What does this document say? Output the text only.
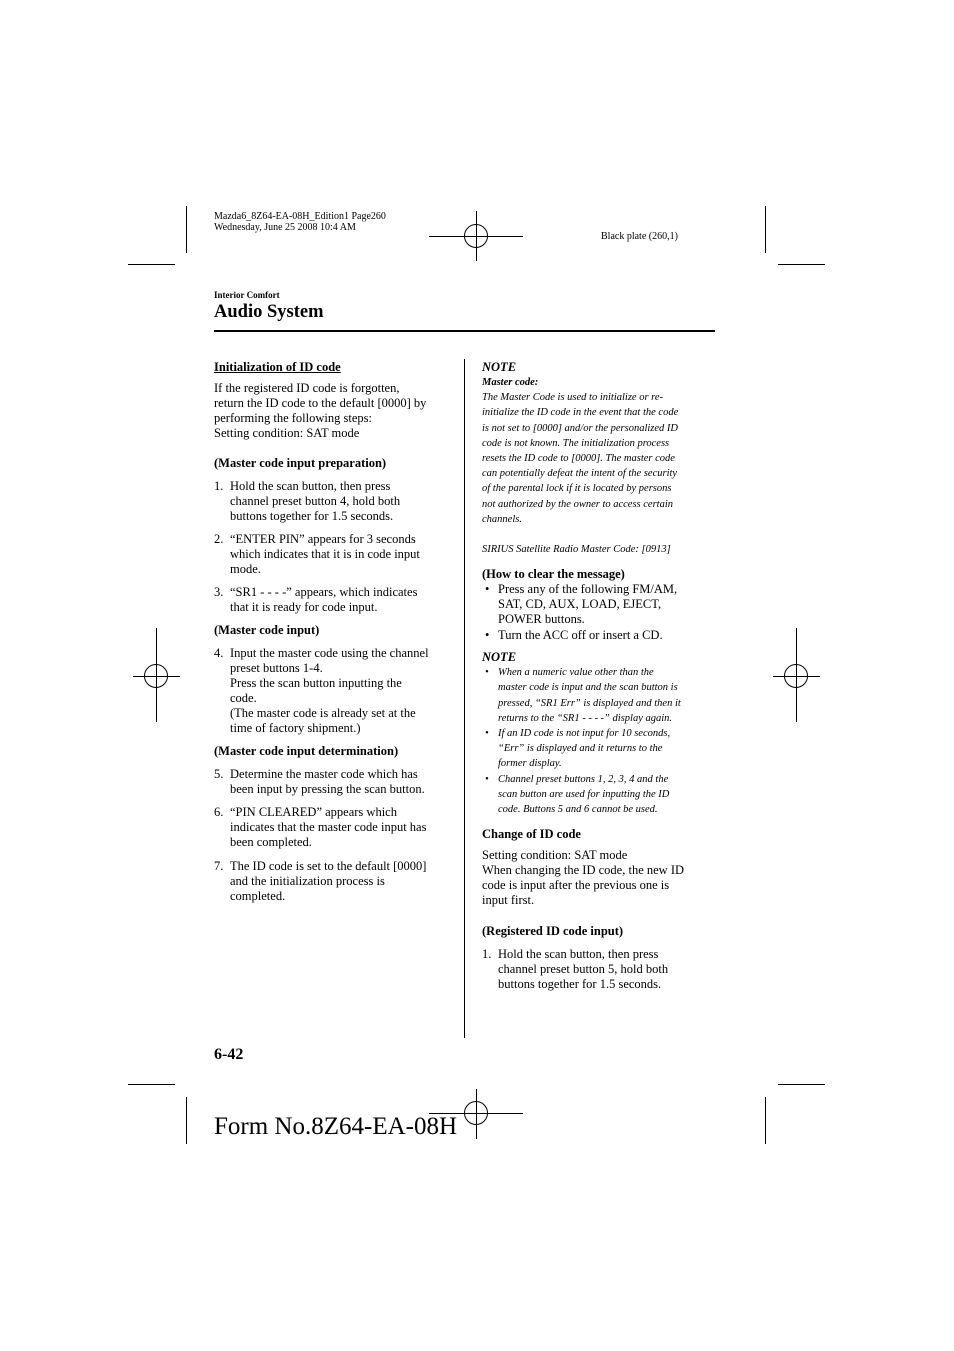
Mazda6_8Z64-EA-08H_Edition1 Page260
Wednesday, June 25 2008 10:4 AM
Black plate (260,1)
Interior Comfort
Audio System

Initialization of ID code

If the registered ID code is forgotten,

return the ID code to the default [0000] by

performing the following steps:

Setting condition: SAT mode

(Master code input preparation)

1. Hold the scan button, then press
channel preset button 4, hold both
buttons together for 1.5 seconds.
2. “ENTER PIN” appears for 3 seconds
which indicates that it is in code input
mode.
3. “SR1 - - - -” appears, which indicates
that it is ready for code input.

(Master code input)

4. Input the master code using the channel
preset buttons 1-4.
Press the scan button inputting the
code.
(The master code is already set at the
time of factory shipment.)

(Master code input determination)

5. Determine the master code which has
been input by pressing the scan button.
6. “PIN CLEARED” appears which
indicates that the master code input has
been completed.
7. The ID code is set to the default [0000]
and the initialization process is
completed.

NOTE

Master code:

The Master Code is used to initialize or re-
initialize the ID code in the event that the code
is not set to [0000] and/or the personalized ID
code is not known. The initialization process
resets the ID code to [0000]. The master code
can potentially defeat the intent of the security
of the parental lock if it is located by persons
not authorized by the owner to access certain
channels.

SIRIUS Satellite Radio Master Code: [0913]

(How to clear the message)

• Press any of the following FM/AM,
SAT, CD, AUX, LOAD, EJECT,
POWER buttons.
• Turn the ACC off or insert a CD.

NOTE

• When a numeric value other than the
master code is input and the scan button is
pressed, “SR1 Err” is displayed and then it
returns to the “SR1 - - - -” display again.
• If an ID code is not input for 10 seconds,
“Err” is displayed and it returns to the
former display.
• Channel preset buttons 1, 2, 3, 4 and the
scan button are used for inputting the ID
code. Buttons 5 and 6 cannot be used.

Change of ID code

Setting condition: SAT mode

When changing the ID code, the new ID

code is input after the previous one is

input first.

(Registered ID code input)

1. Hold the scan button, then press
channel preset button 5, hold both
buttons together for 1.5 seconds.
6-42
Form No.8Z64-EA-08H
